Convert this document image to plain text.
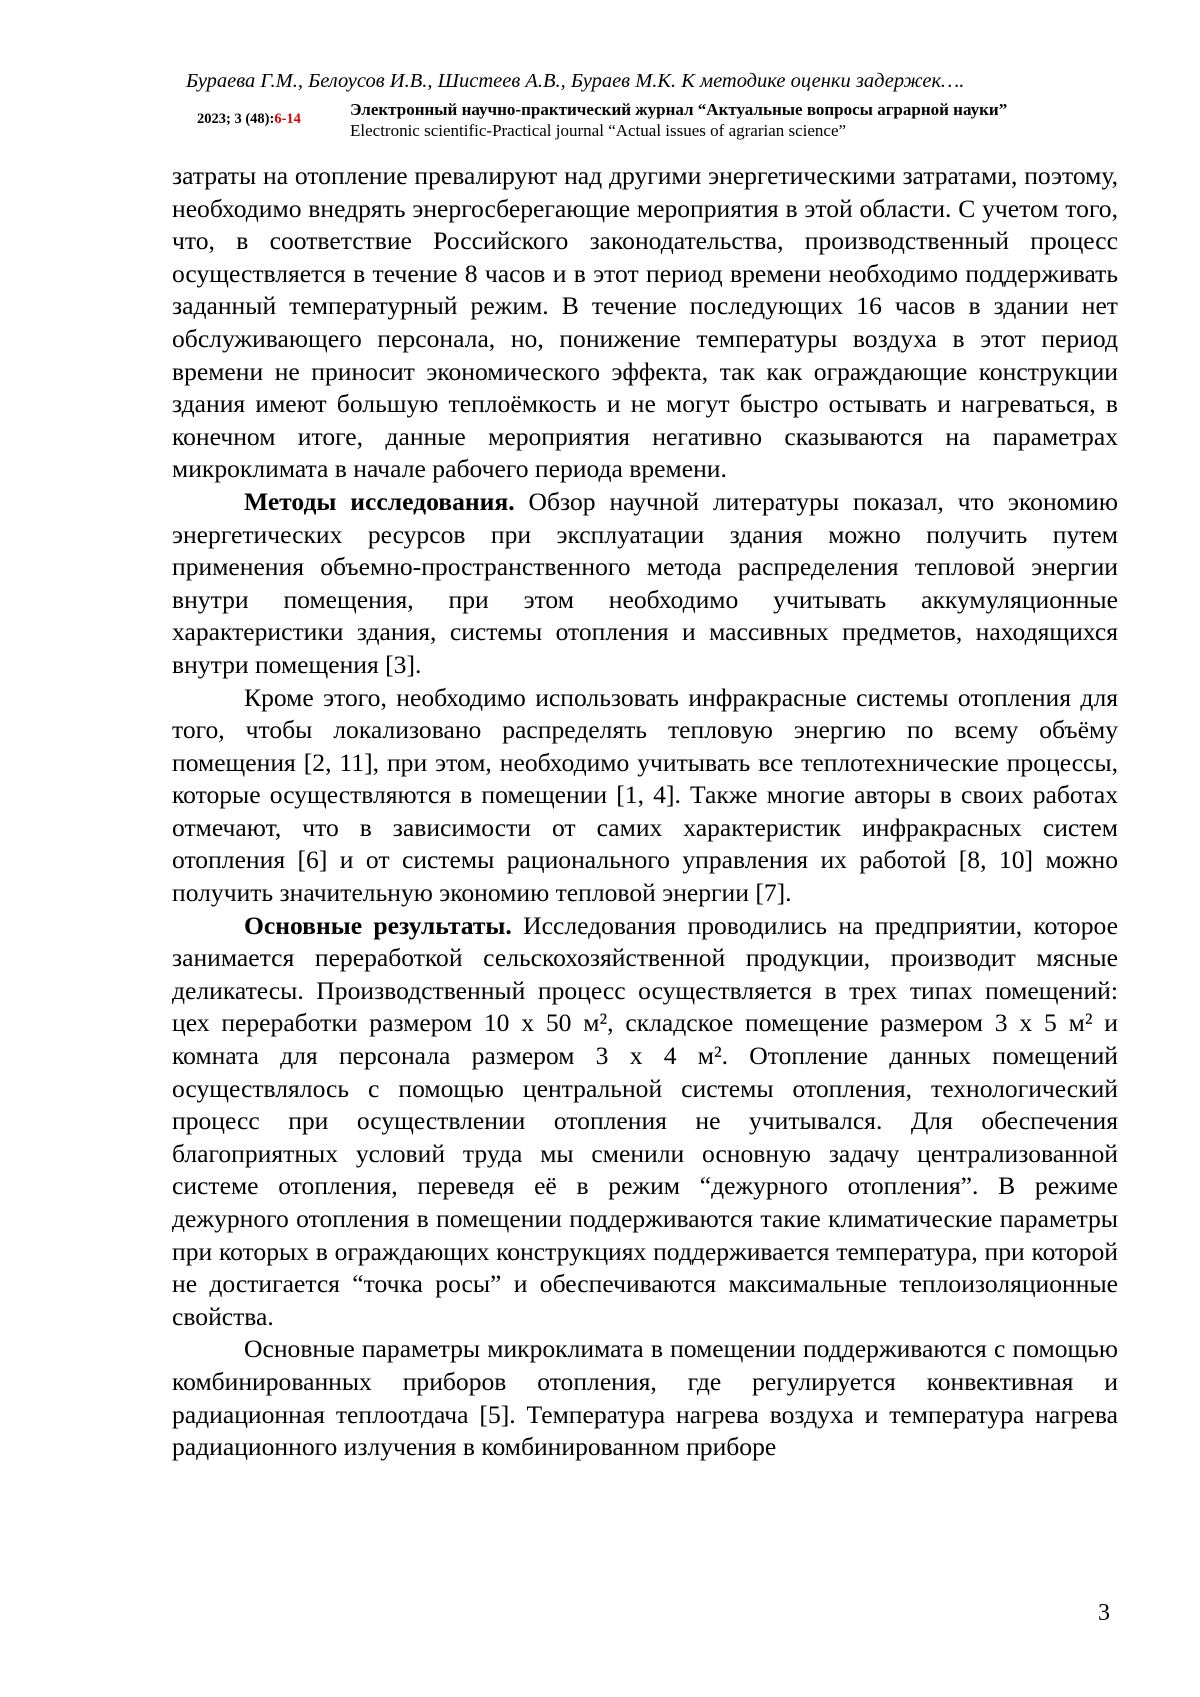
Бураева Г.М., Белоусов И.В., Шистеев А.В., Бураев М.К. К методике оценки задержек….
2023; 3 (48):6-14	Электронный научно-практический журнал “Актуальные вопросы аграрной науки”
Electronic scientific-Practical journal “Actual issues of agrarian science”

затраты на отопление превалируют над другими энергетическими затратами, поэтому, необходимо внедрять энергосберегающие мероприятия в этой области. С учетом того, что, в соответствие Российского законодательства, производственный процесс осуществляется в течение 8 часов и в этот период времени необходимо поддерживать заданный температурный режим. В течение последующих 16 часов в здании нет обслуживающего персонала, но, понижение температуры воздуха в этот период времени не приносит экономического эффекта, так как ограждающие конструкции здания имеют большую теплоёмкость и не могут быстро остывать и нагреваться, в конечном итоге, данные мероприятия негативно сказываются на параметрах микроклимата в начале рабочего периода времени.

Методы исследования. Обзор научной литературы показал, что экономию энергетических ресурсов при эксплуатации здания можно получить путем применения объемно-пространственного метода распределения тепловой энергии внутри помещения, при этом необходимо учитывать аккумуляционные характеристики здания, системы отопления и массивных предметов, находящихся внутри помещения [3].

Кроме этого, необходимо использовать инфракрасные системы отопления для того, чтобы локализовано распределять тепловую энергию по всему объёму помещения [2, 11], при этом, необходимо учитывать все теплотехнические процессы, которые осуществляются в помещении [1, 4]. Также многие авторы в своих работах отмечают, что в зависимости от самих характеристик инфракрасных систем отопления [6] и от системы рационального управления их работой [8, 10] можно получить значительную экономию тепловой энергии [7].

Основные результаты. Исследования проводились на предприятии, которое занимается переработкой сельскохозяйственной продукции, производит мясные деликатесы. Производственный процесс осуществляется в трех типах помещений: цех переработки размером 10 х 50 м², складское помещение размером 3 х 5 м² и комната для персонала размером 3 х 4 м². Отопление данных помещений осуществлялось с помощью центральной системы отопления, технологический процесс при осуществлении отопления не учитывался. Для обеспечения благоприятных условий труда мы сменили основную задачу централизованной системе отопления, переведя её в режим “дежурного отопления”. В режиме дежурного отопления в помещении поддерживаются такие климатические параметры при которых в ограждающих конструкциях поддерживается температура, при которой не достигается “точка росы” и обеспечиваются максимальные теплоизоляционные свойства.

Основные параметры микроклимата в помещении поддерживаются с помощью комбинированных приборов отопления, где регулируется конвективная и радиационная теплоотдача [5]. Температура нагрева воздуха и температура нагрева радиационного излучения в комбинированном приборе

3
